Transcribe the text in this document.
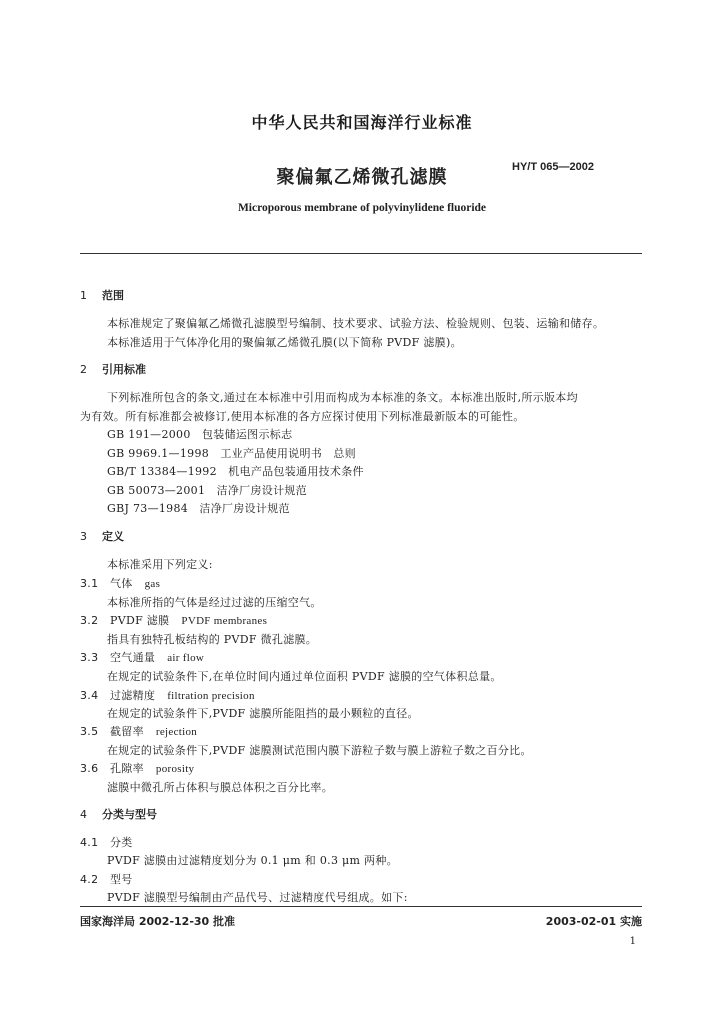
中华人民共和国海洋行业标准
HY/T 065—2002
聚偏氟乙烯微孔滤膜
Microporous membrane of polyvinylidene fluoride
1 范围
本标准规定了聚偏氟乙烯微孔滤膜型号编制、技术要求、试验方法、检验规则、包装、运输和储存。
本标准适用于气体净化用的聚偏氟乙烯微孔膜(以下简称 PVDF 滤膜)。
2 引用标准
下列标准所包含的条文,通过在本标准中引用而构成为本标准的条文。本标准出版时,所示版本均
为有效。所有标准都会被修订,使用本标准的各方应探讨使用下列标准最新版本的可能性。
GB 191—2000　 包装储运图示标志
GB 9969.1—1998　 工业产品使用说明书　总则
GB/T 13384—1992　 机电产品包装通用技术条件
GB 50073—2001　 洁净厂房设计规范
GBJ 73—1984　 洁净厂房设计规范
3 定义
本标准采用下列定义:
3.1 气体 gas
本标准所指的气体是经过过滤的压缩空气。
3.2 PVDF 滤膜 PVDF membranes
指具有独特孔板结构的 PVDF 微孔滤膜。
3.3 空气通量 air flow
在规定的试验条件下,在单位时间内通过单位面积 PVDF 滤膜的空气体积总量。
3.4 过滤精度 filtration precision
在规定的试验条件下,PVDF 滤膜所能阻挡的最小颗粒的直径。
3.5 截留率 rejection
在规定的试验条件下,PVDF 滤膜测试范围内膜下游粒子数与膜上游粒子数之百分比。
3.6 孔隙率 porosity
滤膜中微孔所占体积与膜总体积之百分比率。
4 分类与型号
4.1 分类
PVDF 滤膜由过滤精度划分为 0.1 μm 和 0.3 μm 两种。
4.2 型号
PVDF 滤膜型号编制由产品代号、过滤精度代号组成。如下:
国家海洋局 2002-12-30 批准	2003-02-01 实施
1
